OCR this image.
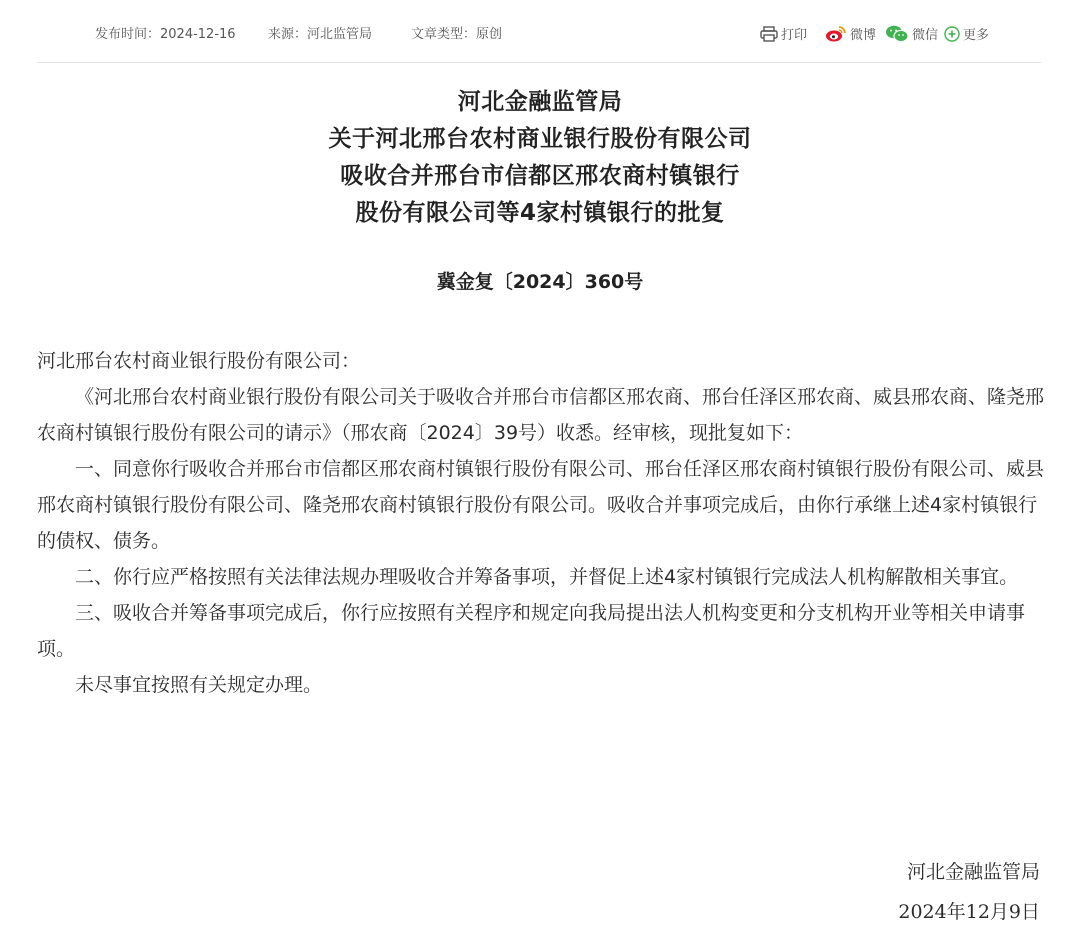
发布时间：2024-12-16 来源：河北监管局	文章类型：原创	打印	微博	微信 更多
河北金融监管局
关于河北邢台农村商业银行股份有限公司
吸收合并邢台市信都区邢农商村镇银行
股份有限公司等4家村镇银行的批复
冀金复〔2024〕360号

河北邢台农村商业银行股份有限公司：

《河北邢台农村商业银行股份有限公司关于吸收合并邢台市信都区邢农商、邢台任泽区邢农商、威县邢农商、隆尧邢农商村镇银行股份有限公司的请示》（邢农商〔2024〕39号）收悉。经审核，现批复如下：

一、同意你行吸收合并邢台市信都区邢农商村镇银行股份有限公司、邢台任泽区邢农商村镇银行股份有限公司、威县邢农商村镇银行股份有限公司、隆尧邢农商村镇银行股份有限公司。吸收合并事项完成后，由你行承继上述4家村镇银行的债权、债务。

二、你行应严格按照有关法律法规办理吸收合并筹备事项，并督促上述4家村镇银行完成法人机构解散相关事宜。

三、吸收合并筹备事项完成后，你行应按照有关程序和规定向我局提出法人机构变更和分支机构开业等相关申请事项。

未尽事宜按照有关规定办理。

河北金融监管局
2024年12月9日
